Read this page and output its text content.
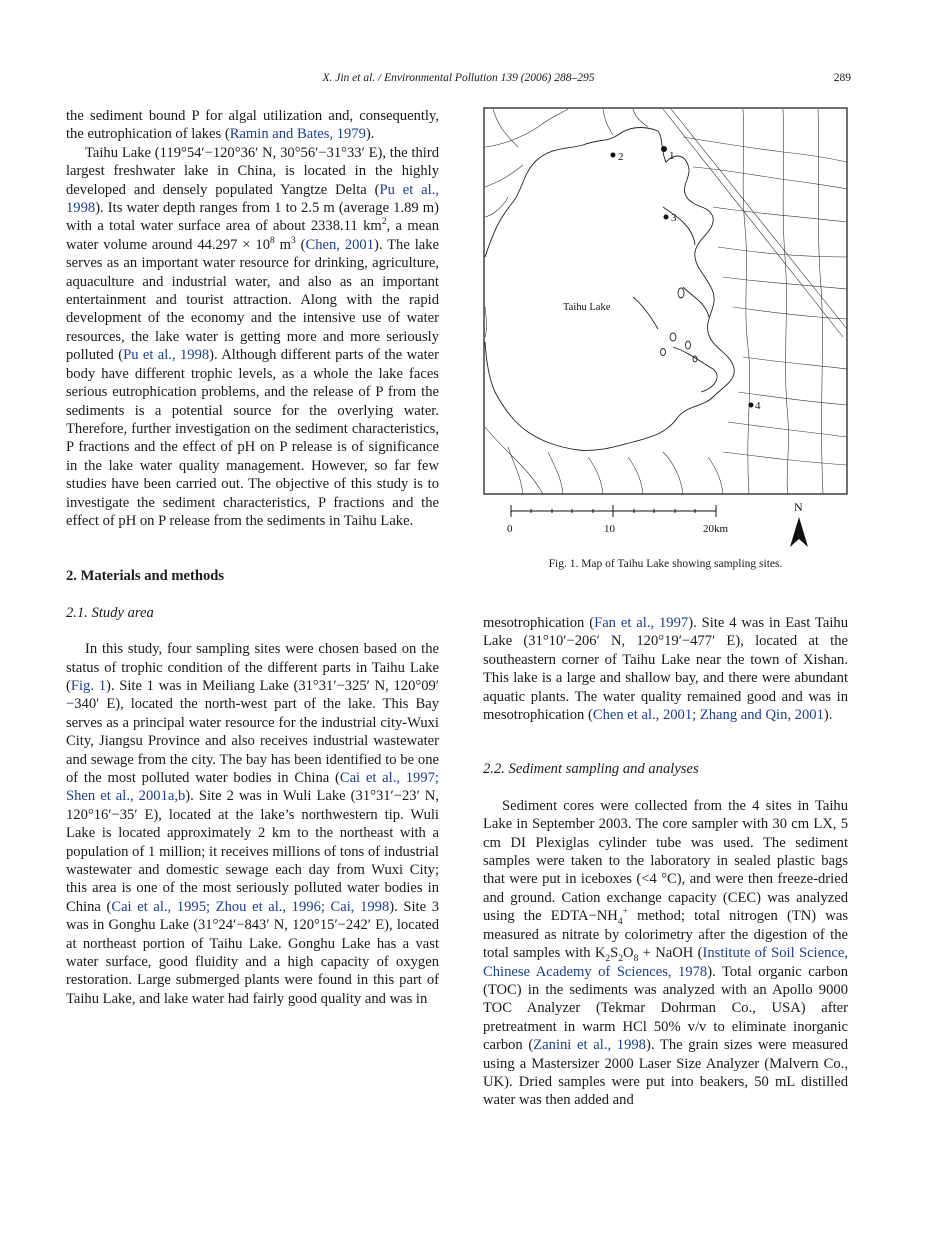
X. Jin et al. / Environmental Pollution 139 (2006) 288–295	289

the sediment bound P for algal utilization and, consequently, the eutrophication of lakes (Ramin and Bates, 1979).

Taihu Lake (119°54′−120°36′ N, 30°56′−31°33′ E), the third largest freshwater lake in China, is located in the highly developed and densely populated Yangtze Delta (Pu et al., 1998). Its water depth ranges from 1 to 2.5 m (average 1.89 m) with a total water surface area of about 2338.11 $km^2$, a mean water volume around $44.297 \times 10^8$ $m^3$ (Chen, 2001). The lake serves as an important water resource for drinking, agriculture, aquaculture and industrial water, and also as an important entertainment and tourist attraction. Along with the rapid development of the economy and the intensive use of water resources, the lake water is getting more and more seriously polluted (Pu et al., 1998). Although different parts of the water body have different trophic levels, as a whole the lake faces serious eutrophication problems, and the release of P from the sediments is a potential source for the overlying water. Therefore, further investigation on the sediment characteristics, P fractions and the effect of pH on P release is of significance in the lake water quality management. However, so far few studies have been carried out. The objective of this study is to investigate the sediment characteristics, P fractions and the effect of pH on P release from the sediments in Taihu Lake.

2. Materials and methods

2.1. Study area

In this study, four sampling sites were chosen based on the status of trophic condition of the different parts in Taihu Lake (Fig. 1). Site 1 was in Meiliang Lake (31°31′−325′ N, 120°09′−340′ E), located the north-west part of the lake. This Bay serves as a principal water resource for the industrial city-Wuxi City, Jiangsu Province and also receives industrial wastewater and sewage from the city. The bay has been identified to be one of the most polluted water bodies in China (Cai et al., 1997; Shen et al., 2001a,b). Site 2 was in Wuli Lake (31°31′−23′ N, 120°16′−35′ E), located at the lake’s northwestern tip. Wuli Lake is located approximately 2 km to the northeast with a population of 1 million; it receives millions of tons of industrial wastewater and domestic sewage each day from Wuxi City; this area is one of the most seriously polluted water bodies in China (Cai et al., 1995; Zhou et al., 1996; Cai, 1998). Site 3 was in Gonghu Lake (31°24′−843′ N, 120°15′−242′ E), located at northeast portion of Taihu Lake. Gonghu Lake has a vast water surface, good fluidity and a high capacity of oxygen restoration. Large submerged plants were found in this part of Taihu Lake, and lake water had fairly good quality and was in

1
2
3
4
Taihu Lake
0	10	20km
N
Fig. 1. Map of Taihu Lake showing sampling sites.

mesotrophication (Fan et al., 1997). Site 4 was in East Taihu Lake (31°10′−206′ N, 120°19′−477′ E), located at the southeastern corner of Taihu Lake near the town of Xishan. This lake is a large and shallow bay, and there were abundant aquatic plants. The water quality remained good and was in mesotrophication (Chen et al., 2001; Zhang and Qin, 2001).

2.2. Sediment sampling and analyses

Sediment cores were collected from the 4 sites in Taihu Lake in September 2003. The core sampler with 30 cm LX, 5 cm DI Plexiglas cylinder tube was used. The sediment samples were taken to the laboratory in sealed plastic bags that were put in iceboxes (<4 °C), and were then freeze-dried and ground. Cation exchange capacity (CEC) was analyzed using the $EDTA-NH_4^+$ method; total nitrogen (TN) was measured as nitrate by colorimetry after the digestion of the total samples with $K_2S_2O_8$ + NaOH (Institute of Soil Science, Chinese Academy of Sciences, 1978). Total organic carbon (TOC) in the sediments was analyzed with an Apollo 9000 TOC Analyzer (Tekmar Dohrman Co., USA) after pretreatment in warm HCl 50% v/v to eliminate inorganic carbon (Zanini et al., 1998). The grain sizes were measured using a Mastersizer 2000 Laser Size Analyzer (Malvern Co., UK). Dried samples were put into beakers, 50 mL distilled water was then added and
